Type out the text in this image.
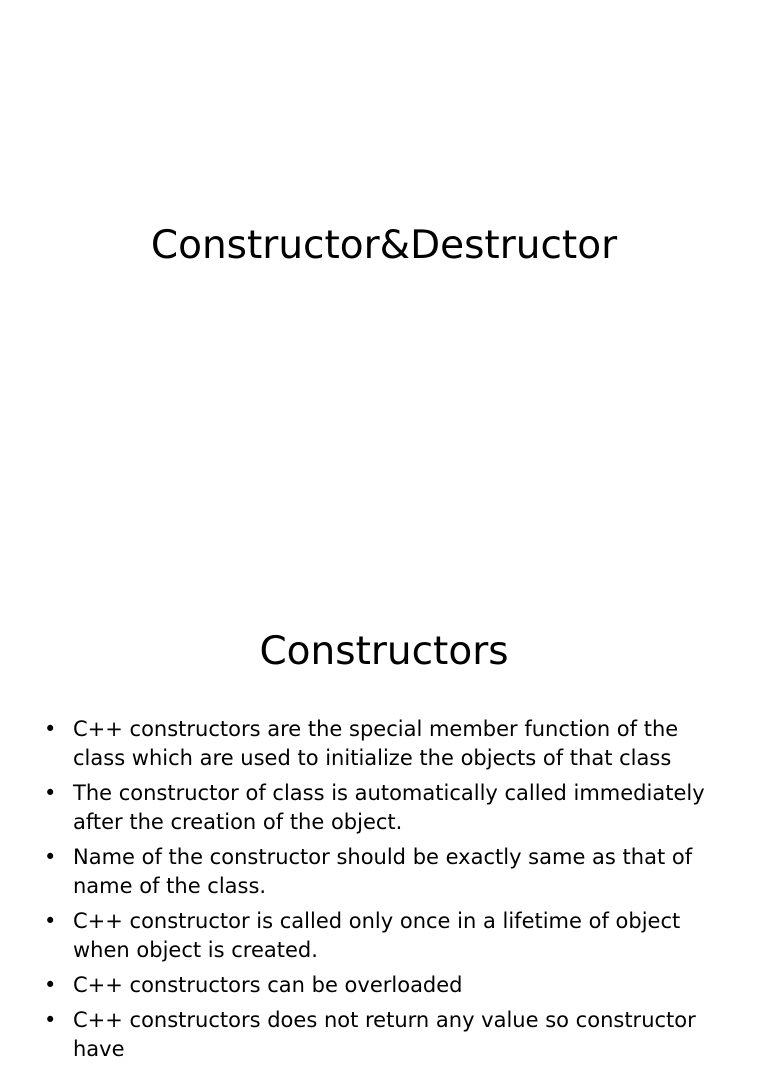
Constructor&Destructor
Constructors
• C++ constructors are the special member function of the class which are used to initialize the objects of that class
• The constructor of class is automatically called immediately after the creation of the object.
• Name of the constructor should be exactly same as that of name of the class.
• C++ constructor is called only once in a lifetime of object when object is created.
• C++ constructors can be overloaded
• C++ constructors does not return any value so constructor have
